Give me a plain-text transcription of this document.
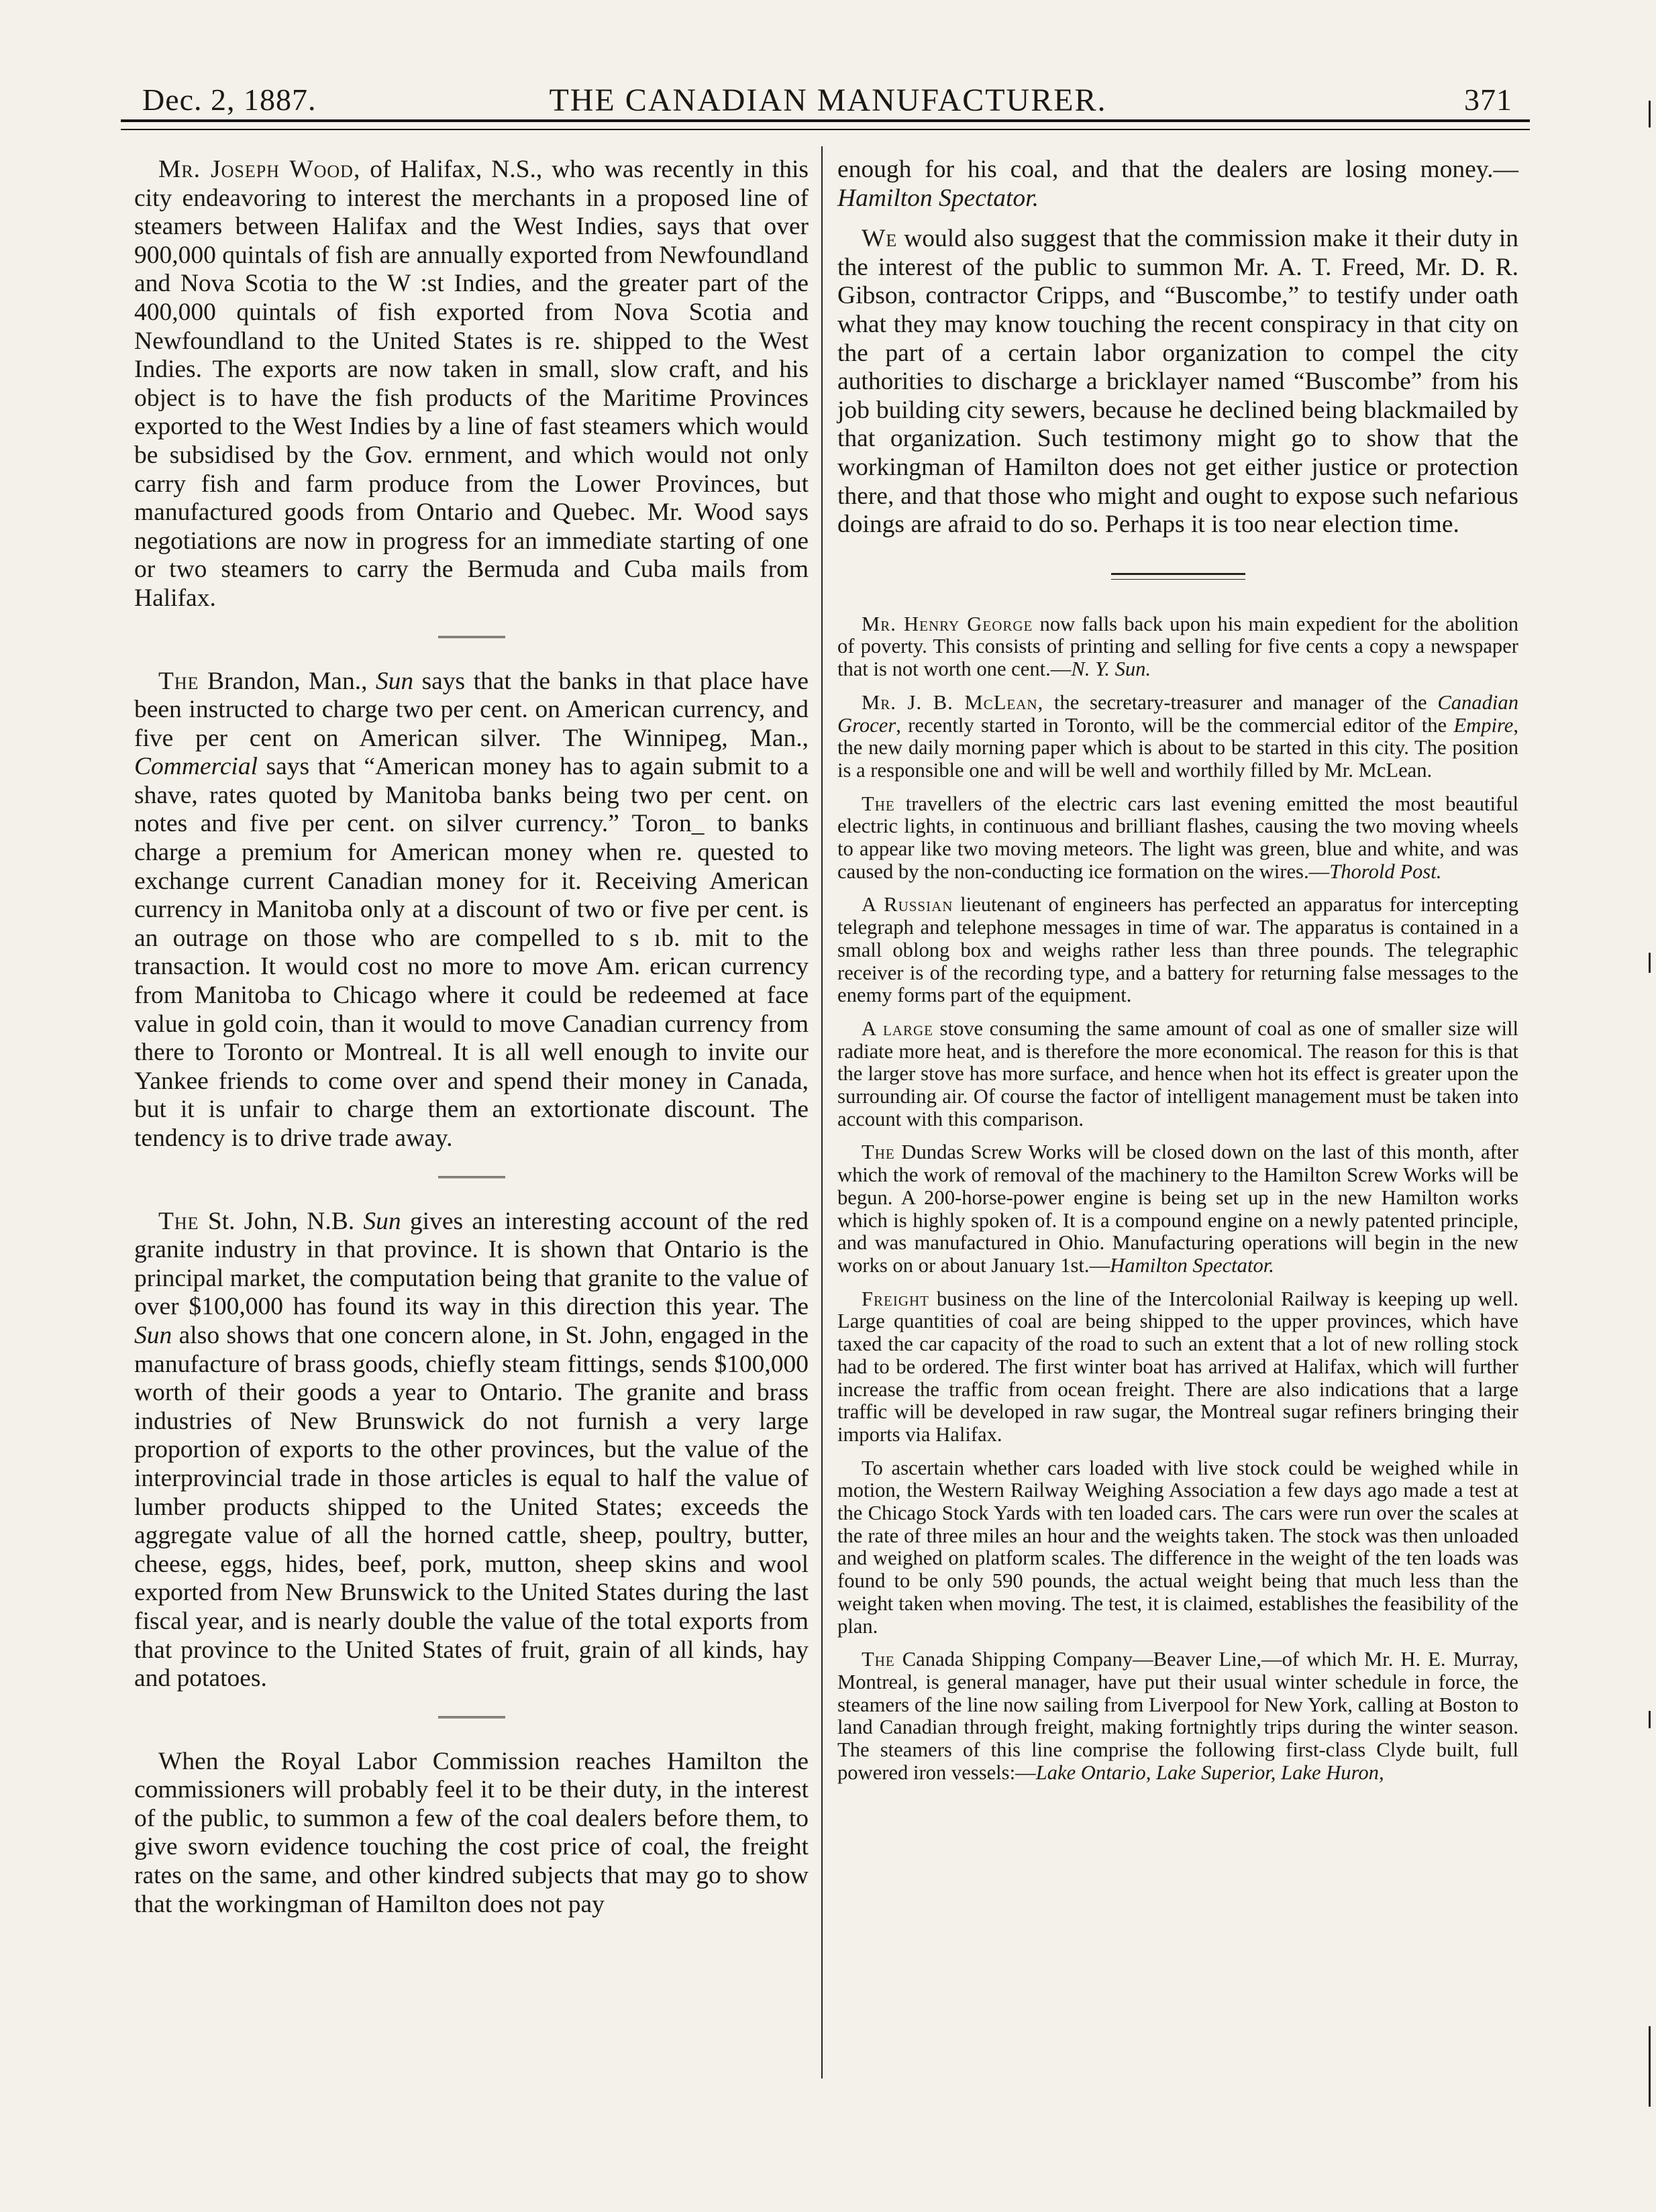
Dec. 2, 1887.	THE CANADIAN MANUFACTURER.	371

Mr. Joseph Wood, of Halifax, N.S., who was recently in this city endeavoring to interest the merchants in a proposed line of steamers between Halifax and the West Indies, says that over 900,000 quintals of fish are annually exported from Newfoundland and Nova Scotia to the W :st Indies, and the greater part of the 400,000 quintals of fish exported from Nova Scotia and Newfoundland to the United States is re. shipped to the West Indies. The exports are now taken in small, slow craft, and his object is to have the fish products of the Maritime Provinces exported to the West Indies by a line of fast steamers which would be subsidised by the Gov. ernment, and which would not only carry fish and farm produce from the Lower Provinces, but manufactured goods from Ontario and Quebec. Mr. Wood says negotiations are now in progress for an immediate starting of one or two steamers to carry the Bermuda and Cuba mails from Halifax.

The Brandon, Man., Sun says that the banks in that place have been instructed to charge two per cent. on American currency, and five per cent on American silver. The Winnipeg, Man., Commercial says that “American money has to again submit to a shave, rates quoted by Manitoba banks being two per cent. on notes and five per cent. on silver currency.” Toron_ to banks charge a premium for American money when re. quested to exchange current Canadian money for it. Receiving American currency in Manitoba only at a discount of two or five per cent. is an outrage on those who are compelled to s ıb. mit to the transaction. It would cost no more to move Am. erican currency from Manitoba to Chicago where it could be redeemed at face value in gold coin, than it would to move Canadian currency from there to Toronto or Montreal. It is all well enough to invite our Yankee friends to come over and spend their money in Canada, but it is unfair to charge them an extortionate discount. The tendency is to drive trade away.

The St. John, N.B. Sun gives an interesting account of the red granite industry in that province. It is shown that Ontario is the principal market, the computation being that granite to the value of over $100,000 has found its way in this direction this year. The Sun also shows that one concern alone, in St. John, engaged in the manufacture of brass goods, chiefly steam fittings, sends $100,000 worth of their goods a year to Ontario. The granite and brass industries of New Brunswick do not furnish a very large proportion of exports to the other provinces, but the value of the interprovincial trade in those articles is equal to half the value of lumber products shipped to the United States; exceeds the aggregate value of all the horned cattle, sheep, poultry, butter, cheese, eggs, hides, beef, pork, mutton, sheep skins and wool exported from New Brunswick to the United States during the last fiscal year, and is nearly double the value of the total exports from that province to the United States of fruit, grain of all kinds, hay and potatoes.

When the Royal Labor Commission reaches Hamilton the commissioners will probably feel it to be their duty, in the interest of the public, to summon a few of the coal dealers before them, to give sworn evidence touching the cost price of coal, the freight rates on the same, and other kindred subjects that may go to show that the workingman of Hamilton does not pay

enough for his coal, and that the dealers are losing money.—Hamilton Spectator.

We would also suggest that the commission make it their duty in the interest of the public to summon Mr. A. T. Freed, Mr. D. R. Gibson, contractor Cripps, and “Buscombe,” to testify under oath what they may know touching the recent conspiracy in that city on the part of a certain labor organization to compel the city authorities to discharge a bricklayer named “Buscombe” from his job building city sewers, because he declined being blackmailed by that organization. Such testimony might go to show that the workingman of Hamilton does not get either justice or protection there, and that those who might and ought to expose such nefarious doings are afraid to do so. Perhaps it is too near election time.

Mr. Henry George now falls back upon his main expedient for the abolition of poverty. This consists of printing and selling for five cents a copy a newspaper that is not worth one cent.—N. Y. Sun.

Mr. J. B. McLean, the secretary-treasurer and manager of the Canadian Grocer, recently started in Toronto, will be the commercial editor of the Empire, the new daily morning paper which is about to be started in this city. The position is a responsible one and will be well and worthily filled by Mr. McLean.

The travellers of the electric cars last evening emitted the most beautiful electric lights, in continuous and brilliant flashes, causing the two moving wheels to appear like two moving meteors. The light was green, blue and white, and was caused by the non-conducting ice formation on the wires.—Thorold Post.

A Russian lieutenant of engineers has perfected an apparatus for intercepting telegraph and telephone messages in time of war. The apparatus is contained in a small oblong box and weighs rather less than three pounds. The telegraphic receiver is of the recording type, and a battery for returning false messages to the enemy forms part of the equipment.

A large stove consuming the same amount of coal as one of smaller size will radiate more heat, and is therefore the more economical. The reason for this is that the larger stove has more surface, and hence when hot its effect is greater upon the surrounding air. Of course the factor of intelligent management must be taken into account with this comparison.

The Dundas Screw Works will be closed down on the last of this month, after which the work of removal of the machinery to the Hamilton Screw Works will be begun. A 200-horse-power engine is being set up in the new Hamilton works which is highly spoken of. It is a compound engine on a newly patented principle, and was manufactured in Ohio. Manufacturing operations will begin in the new works on or about January 1st.—Hamilton Spectator.

Freight business on the line of the Intercolonial Railway is keeping up well. Large quantities of coal are being shipped to the upper provinces, which have taxed the car capacity of the road to such an extent that a lot of new rolling stock had to be ordered. The first winter boat has arrived at Halifax, which will further increase the traffic from ocean freight. There are also indications that a large traffic will be developed in raw sugar, the Montreal sugar refiners bringing their imports via Halifax.

To ascertain whether cars loaded with live stock could be weighed while in motion, the Western Railway Weighing Association a few days ago made a test at the Chicago Stock Yards with ten loaded cars. The cars were run over the scales at the rate of three miles an hour and the weights taken. The stock was then unloaded and weighed on platform scales. The difference in the weight of the ten loads was found to be only 590 pounds, the actual weight being that much less than the weight taken when moving. The test, it is claimed, establishes the feasibility of the plan.

The Canada Shipping Company—Beaver Line,—of which Mr. H. E. Murray, Montreal, is general manager, have put their usual winter schedule in force, the steamers of the line now sailing from Liverpool for New York, calling at Boston to land Canadian through freight, making fortnightly trips during the winter season. The steamers of this line comprise the following first-class Clyde built, full powered iron vessels:—Lake Ontario, Lake Superior, Lake Huron,
